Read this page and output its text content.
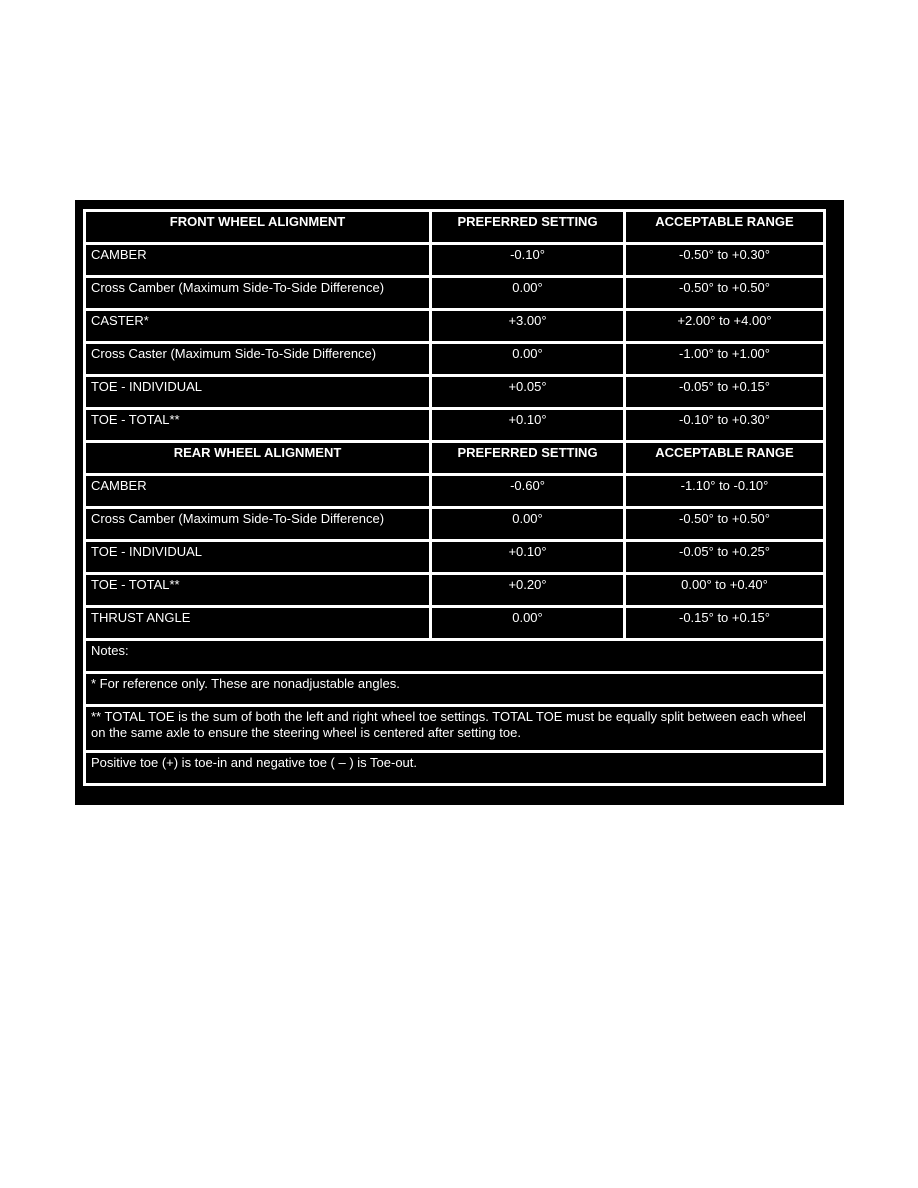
FRONT WHEEL ALIGNMENT	PREFERRED SETTING	ACCEPTABLE RANGE
CAMBER	-0.10°	-0.50° to +0.30°
Cross Camber (Maximum Side-To-Side Difference)	0.00°	-0.50° to +0.50°
CASTER*	+3.00°	+2.00° to +4.00°
Cross Caster (Maximum Side-To-Side Difference)	0.00°	-1.00° to +1.00°
TOE - INDIVIDUAL	+0.05°	-0.05° to +0.15°
TOE - TOTAL**	+0.10°	-0.10° to +0.30°
REAR WHEEL ALIGNMENT	PREFERRED SETTING	ACCEPTABLE RANGE
CAMBER	-0.60°	-1.10° to -0.10°
Cross Camber (Maximum Side-To-Side Difference)	0.00°	-0.50° to +0.50°
TOE - INDIVIDUAL	+0.10°	-0.05° to +0.25°
TOE - TOTAL**	+0.20°	0.00° to +0.40°
THRUST ANGLE	0.00°	-0.15° to +0.15°
Notes:		
* For reference only. These are nonadjustable angles.		
** TOTAL TOE is the sum of both the left and right wheel toe settings. TOTAL TOE must be equally split between each wheel on the same axle to ensure the steering wheel is centered after setting toe.		
Positive toe (+) is toe-in and negative toe ( – ) is Toe-out.		
